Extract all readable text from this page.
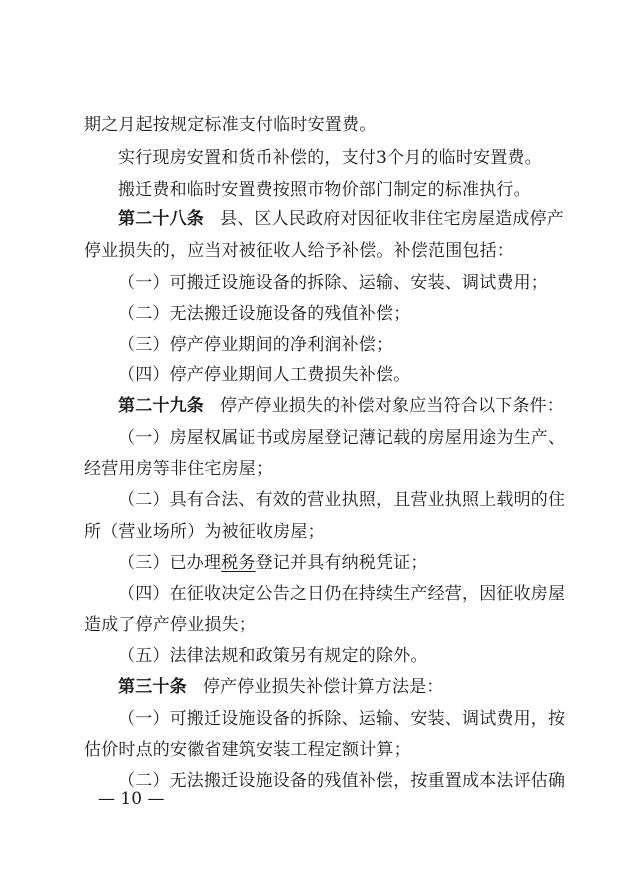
期之月起按规定标准支付临时安置费。
实行现房安置和货币补偿的，支付3个月的临时安置费。
搬迁费和临时安置费按照市物价部门制定的标准执行。
第二十八条 县、区人民政府对因征收非住宅房屋造成停产
停业损失的，应当对被征收人给予补偿。补偿范围包括：
（一）可搬迁设施设备的拆除、运输、安装、调试费用；
（二）无法搬迁设施设备的残值补偿；
（三）停产停业期间的净利润补偿；
（四）停产停业期间人工费损失补偿。
第二十九条 停产停业损失的补偿对象应当符合以下条件：
（一）房屋权属证书或房屋登记薄记载的房屋用途为生产、
经营用房等非住宅房屋；
（二）具有合法、有效的营业执照，且营业执照上载明的住
所（营业场所）为被征收房屋；
（三）已办理税务登记并具有纳税凭证；
（四）在征收决定公告之日仍在持续生产经营，因征收房屋
造成了停产停业损失；
（五）法律法规和政策另有规定的除外。
第三十条 停产停业损失补偿计算方法是：
（一）可搬迁设施设备的拆除、运输、安装、调试费用，按
估价时点的安徽省建筑安装工程定额计算；
（二）无法搬迁设施设备的残值补偿，按重置成本法评估确
— 10 —
